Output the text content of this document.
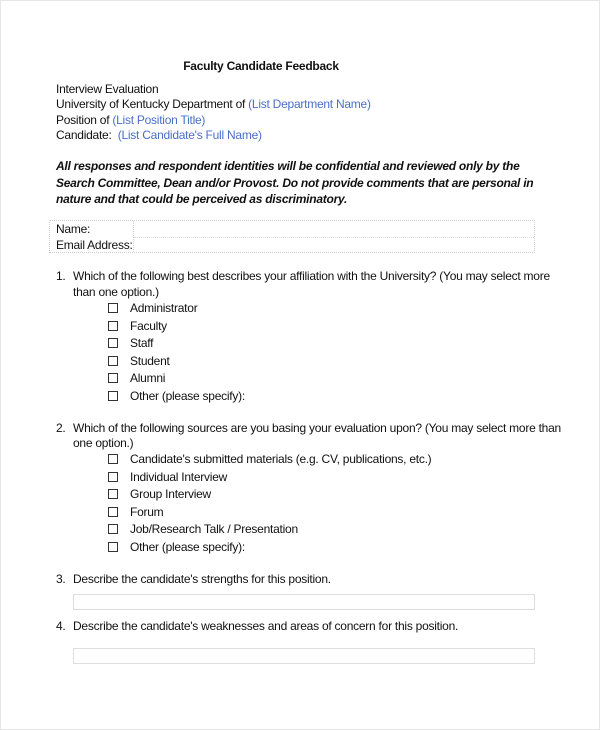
Faculty Candidate Feedback
Interview Evaluation
University of Kentucky Department of (List Department Name)
Position of (List Position Title)
Candidate:  (List Candidate's Full Name)
All responses and respondent identities will be confidential and reviewed only by the Search Committee, Dean and/or Provost. Do not provide comments that are personal in nature and that could be perceived as discriminatory.
Name:
Email Address:
1. Which of the following best describes your affiliation with the University? (You may select more
than one option.)
Administrator
Faculty
Staff
Student
Alumni
Other (please specify):
2. Which of the following sources are you basing your evaluation upon? (You may select more than
one option.)
Candidate's submitted materials (e.g. CV, publications, etc.)
Individual Interview
Group Interview
Forum
Job/Research Talk / Presentation
Other (please specify):
3. Describe the candidate's strengths for this position.
4. Describe the candidate's weaknesses and areas of concern for this position.
